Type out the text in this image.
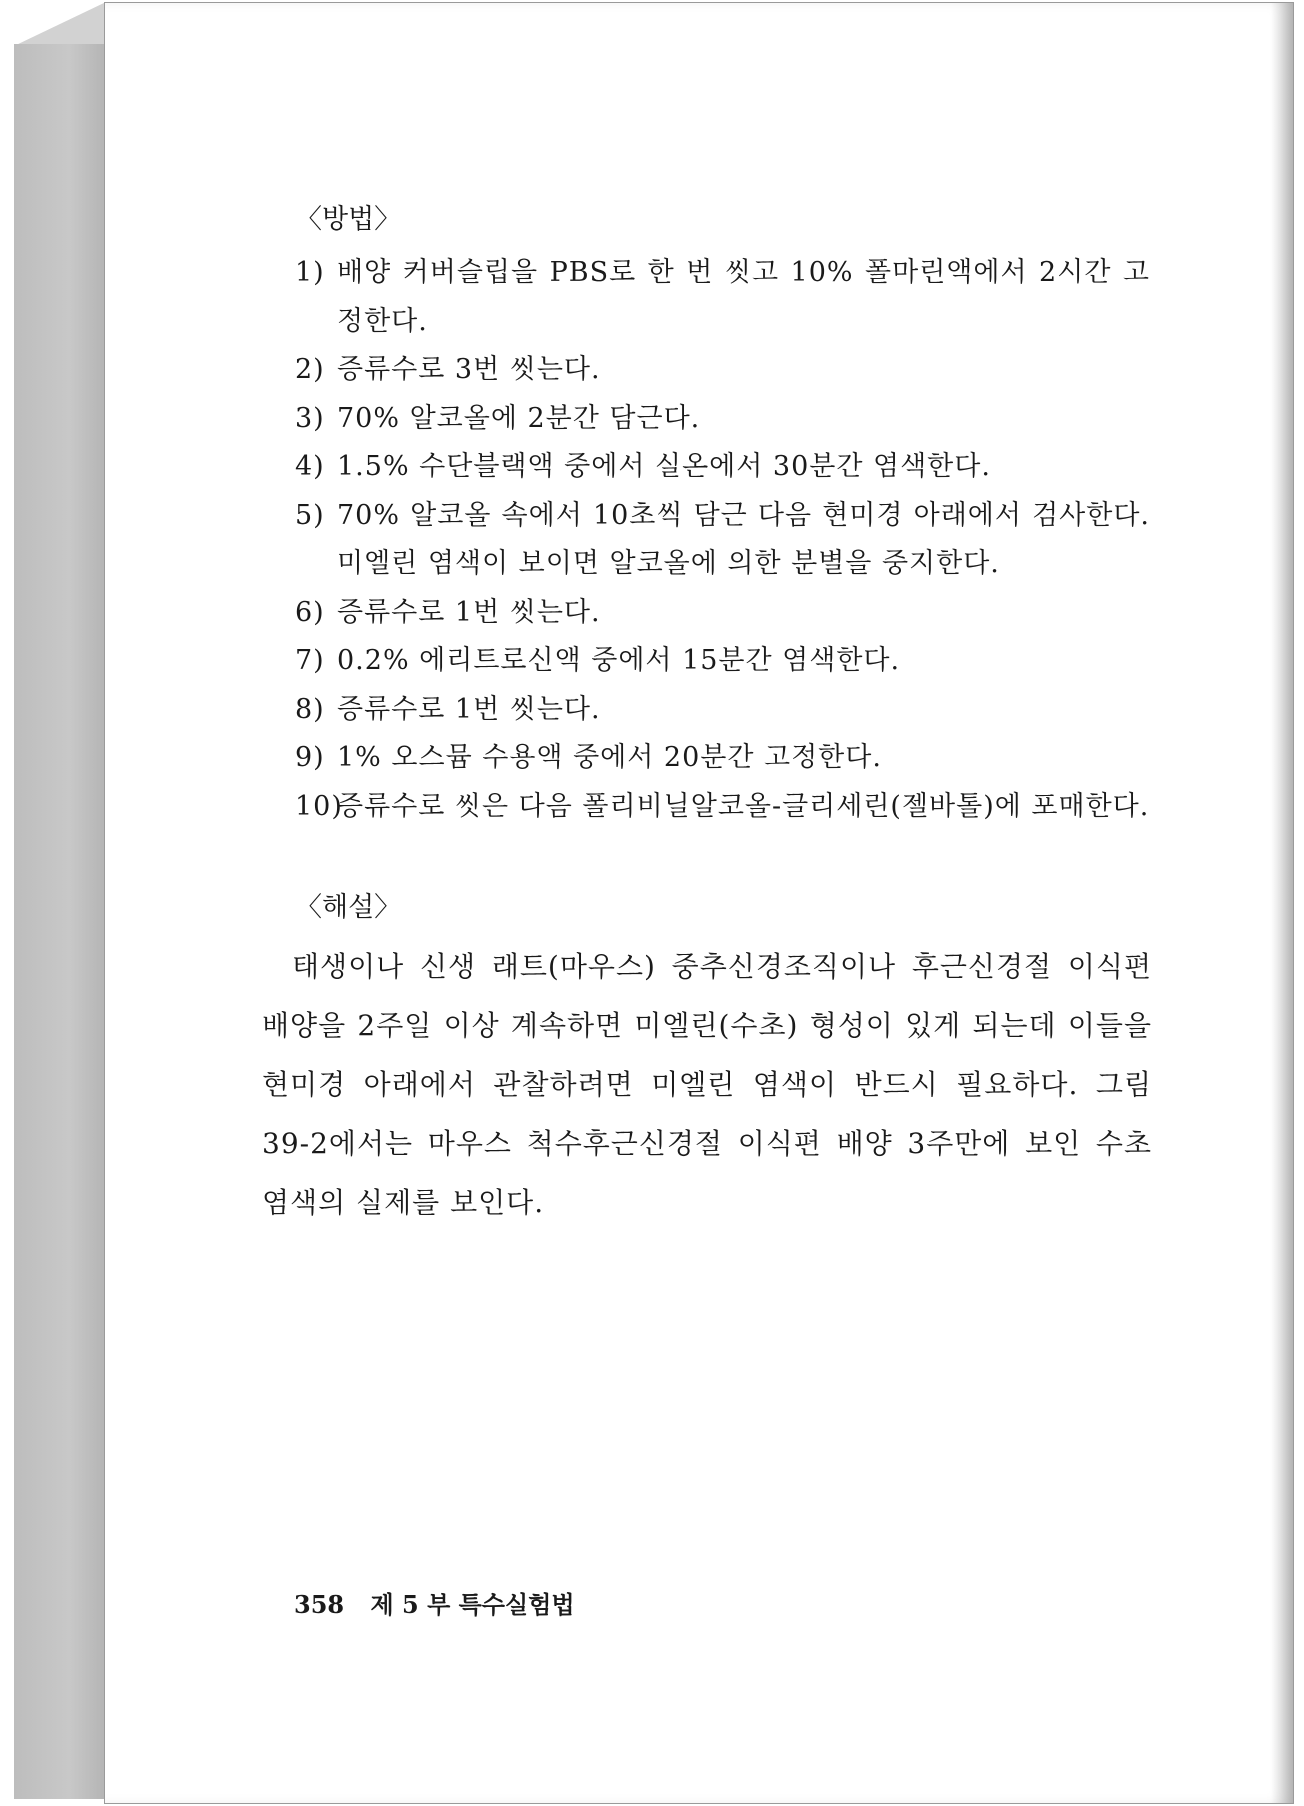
〈방법〉
1) 배양 커버슬립을 PBS로 한 번 씻고 10% 폴마린액에서 2시간 고정한다.
2) 증류수로 3번 씻는다.
3) 70% 알코올에 2분간 담근다.
4) 1.5% 수단블랙액 중에서 실온에서 30분간 염색한다.
5) 70% 알코올 속에서 10초씩 담근 다음 현미경 아래에서 검사한다. 미엘린 염색이 보이면 알코올에 의한 분별을 중지한다.
6) 증류수로 1번 씻는다.
7) 0.2% 에리트로신액 중에서 15분간 염색한다.
8) 증류수로 1번 씻는다.
9) 1% 오스뮴 수용액 중에서 20분간 고정한다.
10)
증류수로 씻은 다음 폴리비닐알코올-글리세린(젤바톨)에 포매한다.
〈해설〉

태생이나 신생 래트(마우스) 중추신경조직이나 후근신경절 이식편 배양을 2주일 이상 계속하면 미엘린(수초) 형성이 있게 되는데 이들을 현미경 아래에서 관찰하려면 미엘린 염색이 반드시 필요하다. 그림 39-2에서는 마우스 척수후근신경절 이식편 배양 3주만에 보인 수초 염색의 실제를 보인다.

358 제 5 부 특수실험법
